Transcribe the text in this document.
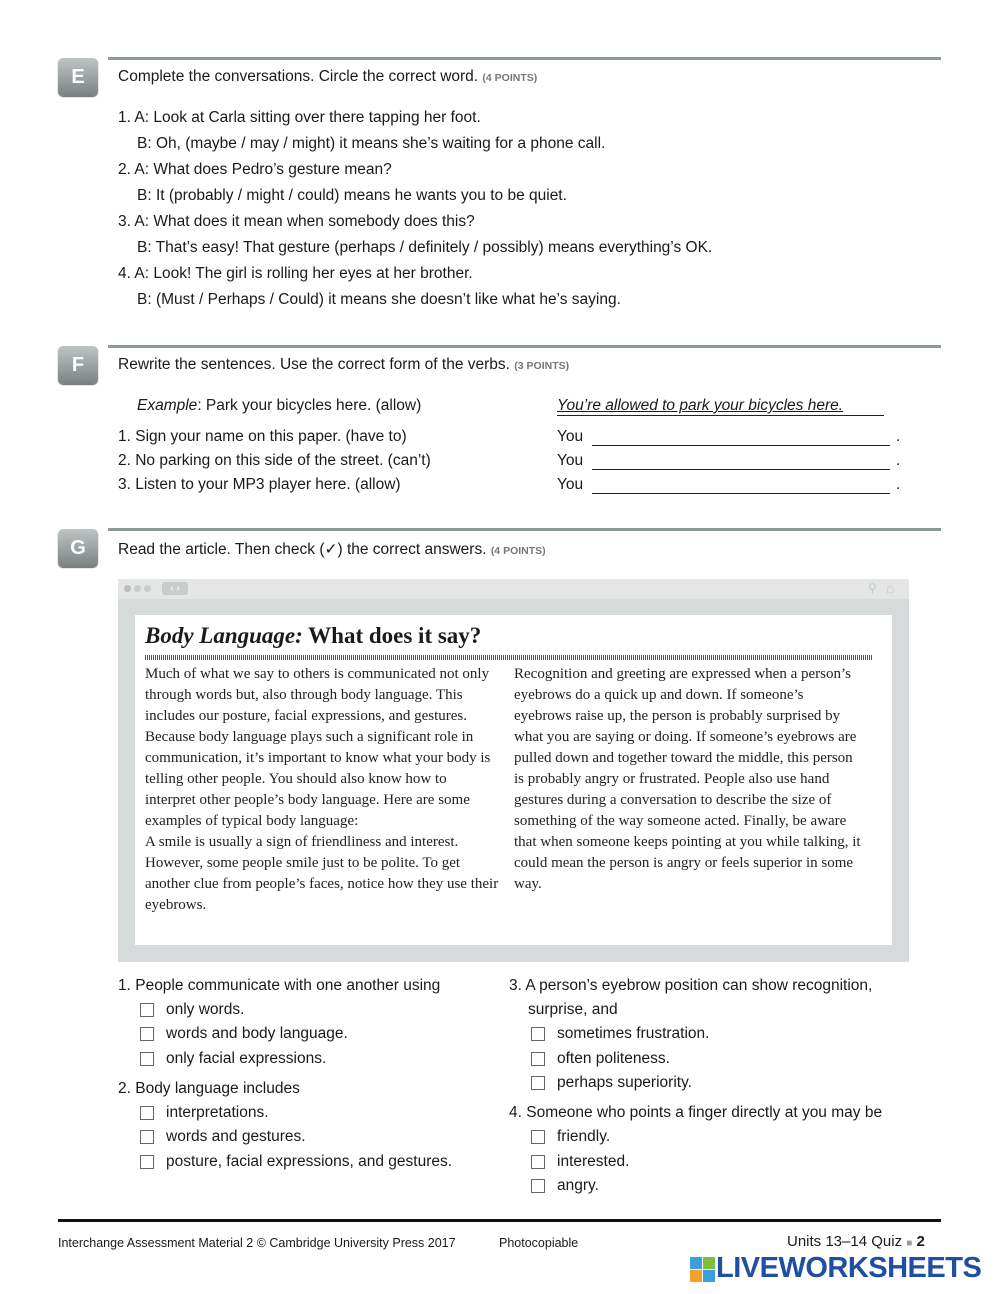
E	Complete the conversations. Circle the correct word. (4 POINTS)
1. A: Look at Carla sitting over there tapping her foot.
B: Oh, (maybe / may / might) it means she’s waiting for a phone call.
2. A: What does Pedro’s gesture mean?
B: It (probably / might / could) means he wants you to be quiet.
3. A: What does it mean when somebody does this?
B: That’s easy! That gesture (perhaps / definitely / possibly) means everything’s OK.
4. A: Look! The girl is rolling her eyes at her brother.
B: (Must / Perhaps / Could) it means she doesn’t like what he’s saying.
F	Rewrite the sentences. Use the correct form of the verbs. (3 POINTS)
Example: Park your bicycles here. (allow)	You’re allowed to park your bicycles here.
1. Sign your name on this paper. (have to)	You	.
2. No parking on this side of the street. (can’t)	You	.
3. Listen to your MP3 player here. (allow)	You	.
G	Read the article. Then check (✓) the correct answers. (4 POINTS)
‹ ›	⚲ ⌂
Body Language: What does it say?

Much of what we say to others is communicated not only through words but, also through body language. This includes our posture, facial expressions, and gestures. Because body language plays such a significant role in communication, it’s important to know what your body is telling other people. You should also know how to interpret other people’s body language. Here are some examples of typical body language:

A smile is usually a sign of friendliness and interest. However, some people smile just to be polite. To get another clue from people’s faces, notice how they use their eyebrows.

Recognition and greeting are expressed when a person’s eyebrows do a quick up and down. If someone’s eyebrows raise up, the person is probably surprised by what you are saying or doing. If someone’s eyebrows are pulled down and together toward the middle, this person is probably angry or frustrated. People also use hand gestures during a conversation to describe the size of something of the way someone acted. Finally, be aware that when someone keeps pointing at you while talking, it could mean the person is angry or feels superior in some way.

1. People communicate with one another using
only words.
words and body language.
only facial expressions.
2. Body language includes
interpretations.
words and gestures.
posture, facial expressions, and gestures.
3. A person’s eyebrow position can show recognition,
surprise, and
sometimes frustration.
often politeness.
perhaps superiority.
4. Someone who points a finger directly at you may be
friendly.
interested.
angry.
Interchange Assessment Material 2 © Cambridge University Press 2017	Photocopiable	Units 13–14 Quiz ■ 2
LIVEWORKSHEETS
